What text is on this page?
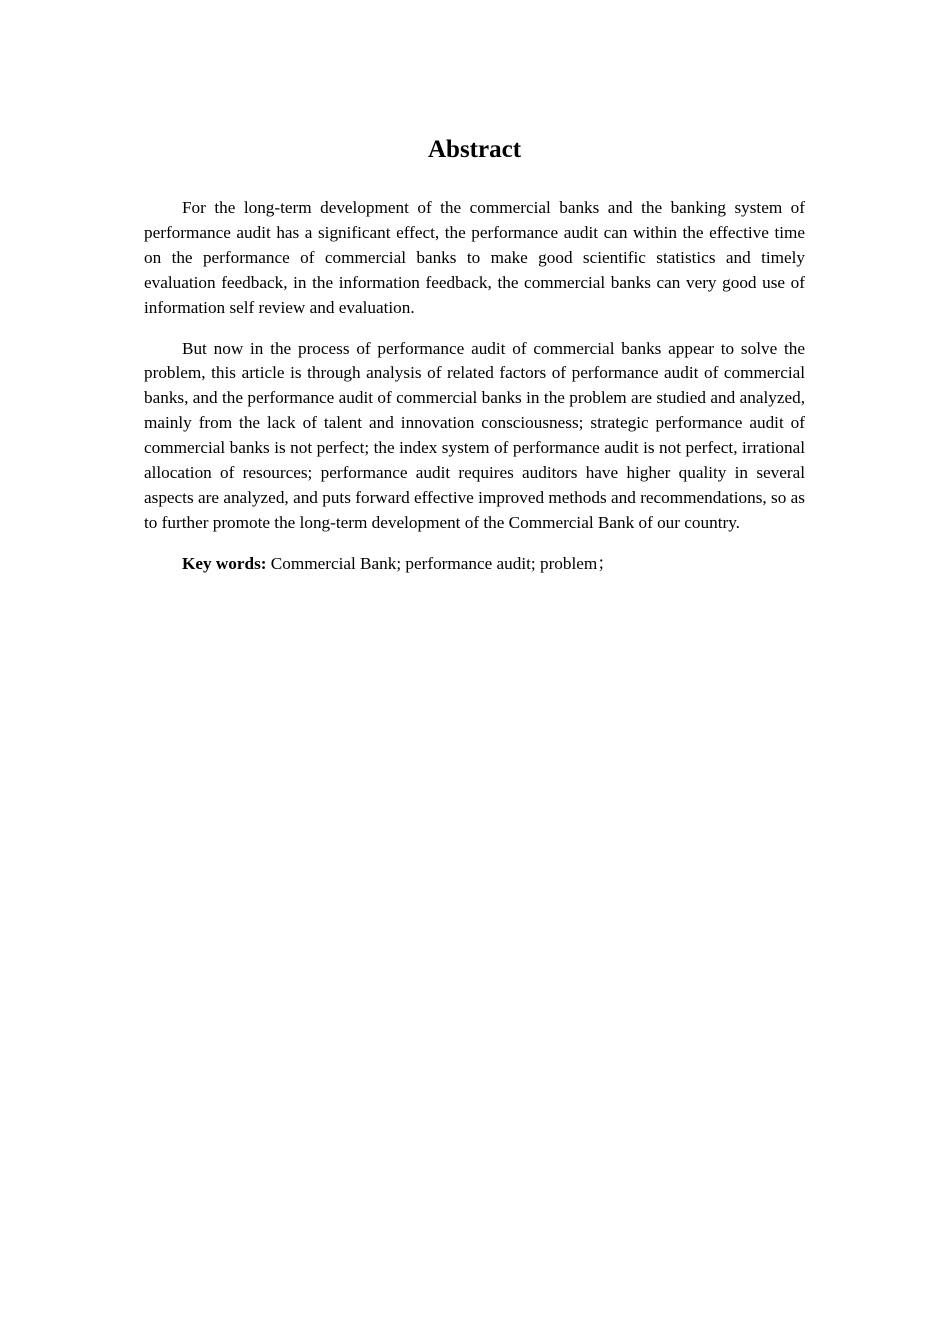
Abstract

For the long-term development of the commercial banks and the banking system of performance audit has a significant effect, the performance audit can within the effective time on the performance of commercial banks to make good scientific statistics and timely evaluation feedback, in the information feedback, the commercial banks can very good use of information self review and evaluation.

But now in the process of performance audit of commercial banks appear to solve the problem, this article is through analysis of related factors of performance audit of commercial banks, and the performance audit of commercial banks in the problem are studied and analyzed, mainly from the lack of talent and innovation consciousness; strategic performance audit of commercial banks is not perfect; the index system of performance audit is not perfect, irrational allocation of resources; performance audit requires auditors have higher quality in several aspects are analyzed, and puts forward effective improved methods and recommendations, so as to further promote the long-term development of the Commercial Bank of our country.

Key words: Commercial Bank; performance audit; problem；
